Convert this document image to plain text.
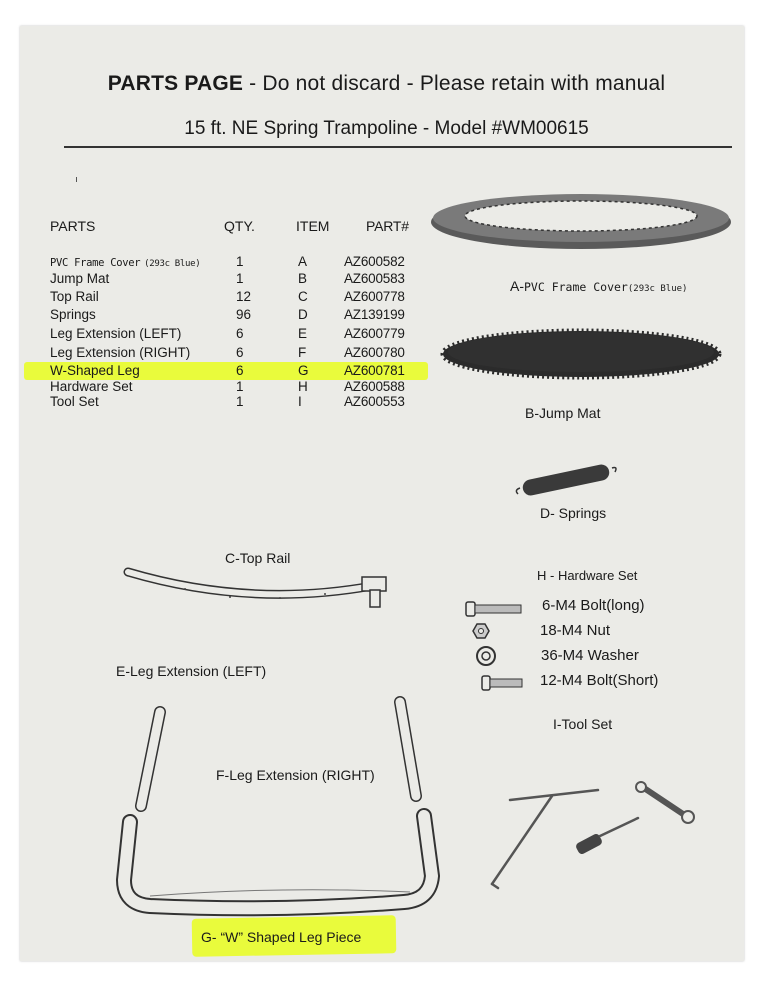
PARTS PAGE - Do not discard - Please retain with manual
15 ft. NE Spring Trampoline - Model #WM00615
PARTS	QTY.	ITEM	PART#
PVC Frame Cover (293c Blue)	1	A	AZ600582
Jump Mat	1	B	AZ600583
Top Rail	12	C	AZ600778
Springs	96	D	AZ139199
Leg Extension (LEFT)	6	E	AZ600779
Leg Extension (RIGHT)	6	F	AZ600780
W-Shaped Leg	6	G	AZ600781
Hardware Set	1	H	AZ600588
Tool Set	1	I	AZ600553
A-PVC Frame Cover(293c Blue)
B-Jump Mat
D- Springs
C-Top Rail
E-Leg Extension (LEFT)
F-Leg Extension (RIGHT)
I-Tool Set
G- “W” Shaped Leg Piece
H - Hardware Set
6-M4 Bolt(long)
18-M4 Nut
36-M4 Washer
12-M4 Bolt(Short)
